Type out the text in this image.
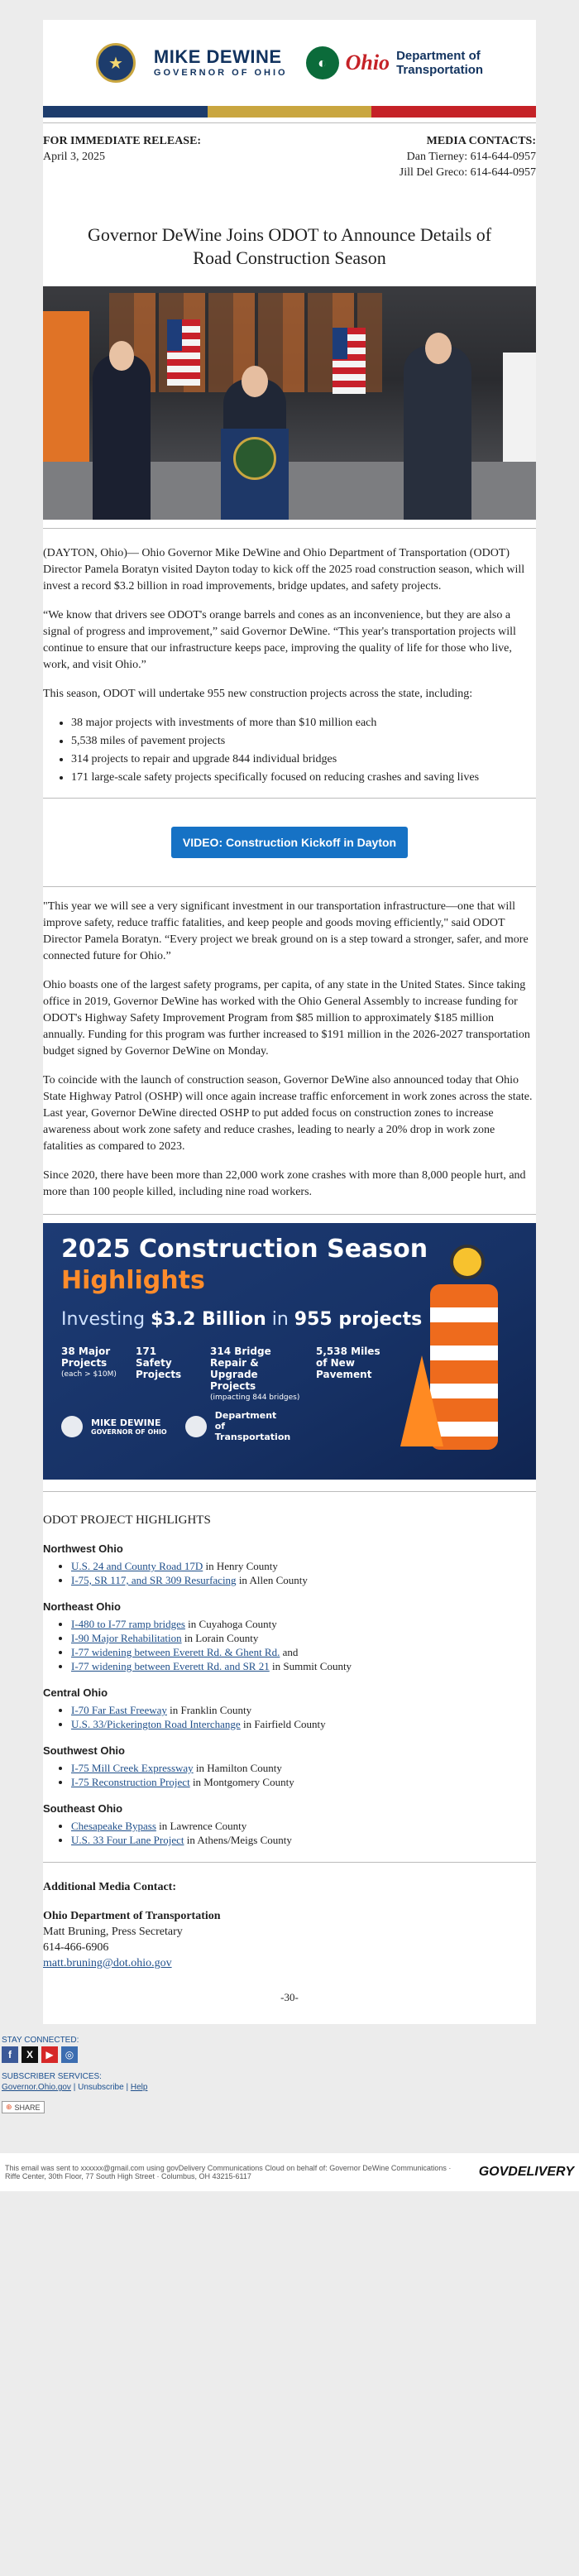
★	MIKE DEWINE
GOVERNOR OF OHIO
◐ Ohio Department of
Transportation
FOR IMMEDIATE RELEASE:
April 3, 2025
MEDIA CONTACTS:
Dan Tierney: 614-644-0957
Jill Del Greco: 614-644-0957
Governor DeWine Joins ODOT to Announce Details of Road Construction Season

(DAYTON, Ohio)— Ohio Governor Mike DeWine and Ohio Department of Transportation (ODOT) Director Pamela Boratyn visited Dayton today to kick off the 2025 road construction season, which will invest a record $3.2 billion in road improvements, bridge updates, and safety projects.

“We know that drivers see ODOT's orange barrels and cones as an inconvenience, but they are also a signal of progress and improvement,” said Governor DeWine. “This year's transportation projects will continue to ensure that our infrastructure keeps pace, improving the quality of life for those who live, work, and visit Ohio.”

This season, ODOT will undertake 955 new construction projects across the state, including:

• 38 major projects with investments of more than $10 million each
• 5,538 miles of pavement projects
• 314 projects to repair and upgrade 844 individual bridges
• 171 large-scale safety projects specifically focused on reducing crashes and saving lives
VIDEO: Construction Kickoff in Dayton

"This year we will see a very significant investment in our transportation infrastructure—one that will improve safety, reduce traffic fatalities, and keep people and goods moving efficiently," said ODOT Director Pamela Boratyn. “Every project we break ground on is a step toward a stronger, safer, and more connected future for Ohio.”

Ohio boasts one of the largest safety programs, per capita, of any state in the United States. Since taking office in 2019, Governor DeWine has worked with the Ohio General Assembly to increase funding for ODOT's Highway Safety Improvement Program from $85 million to approximately $185 million annually. Funding for this program was further increased to $191 million in the 2026-2027 transportation budget signed by Governor DeWine on Monday.

To coincide with the launch of construction season, Governor DeWine also announced today that Ohio State Highway Patrol (OSHP) will once again increase traffic enforcement in work zones across the state. Last year, Governor DeWine directed OSHP to put added focus on construction zones to increase awareness about work zone safety and reduce crashes, leading to nearly a 20% drop in work zone fatalities as compared to 2023.

Since 2020, there have been more than 22,000 work zone crashes with more than 8,000 people hurt, and more than 100 people killed, including nine road workers.

2025 Construction Season
Highlights
Investing $3.2 Billion in 955 projects
38 Major Projects
(each > $10M)
171 Safety Projects
314 Bridge Repair & Upgrade Projects
(impacting 844 bridges)
5,538 Miles of New Pavement
MIKE DEWINE
GOVERNOR OF OHIO
Department of Transportation
ODOT PROJECT HIGHLIGHTS
Northwest Ohio
• U.S. 24 and County Road 17D in Henry County
• I-75, SR 117, and SR 309 Resurfacing in Allen County
Northeast Ohio
• I-480 to I-77 ramp bridges in Cuyahoga County
• I-90 Major Rehabilitation in Lorain County
• I-77 widening between Everett Rd. & Ghent Rd. and
• I-77 widening between Everett Rd. and SR 21 in Summit County
Central Ohio
• I-70 Far East Freeway in Franklin County
• U.S. 33/Pickerington Road Interchange in Fairfield County
Southwest Ohio
• I-75 Mill Creek Expressway in Hamilton County
• I-75 Reconstruction Project in Montgomery County
Southeast Ohio
• Chesapeake Bypass in Lawrence County
• U.S. 33 Four Lane Project in Athens/Meigs County
Additional Media Contact:
Ohio Department of Transportation
Matt Bruning, Press Secretary
614-466-6906
matt.bruning@dot.ohio.gov
-30-
STAY CONNECTED:
f	X	▶	◎
SUBSCRIBER SERVICES:
Governor.Ohio.gov | Unsubscribe | Help
⊕ SHARE
This email was sent to xxxxxx@gmail.com using govDelivery Communications Cloud on behalf of: Governor DeWine Communications · Riffe Center, 30th Floor, 77 South High Street · Columbus, OH 43215-6117	GOVDELIVERY
